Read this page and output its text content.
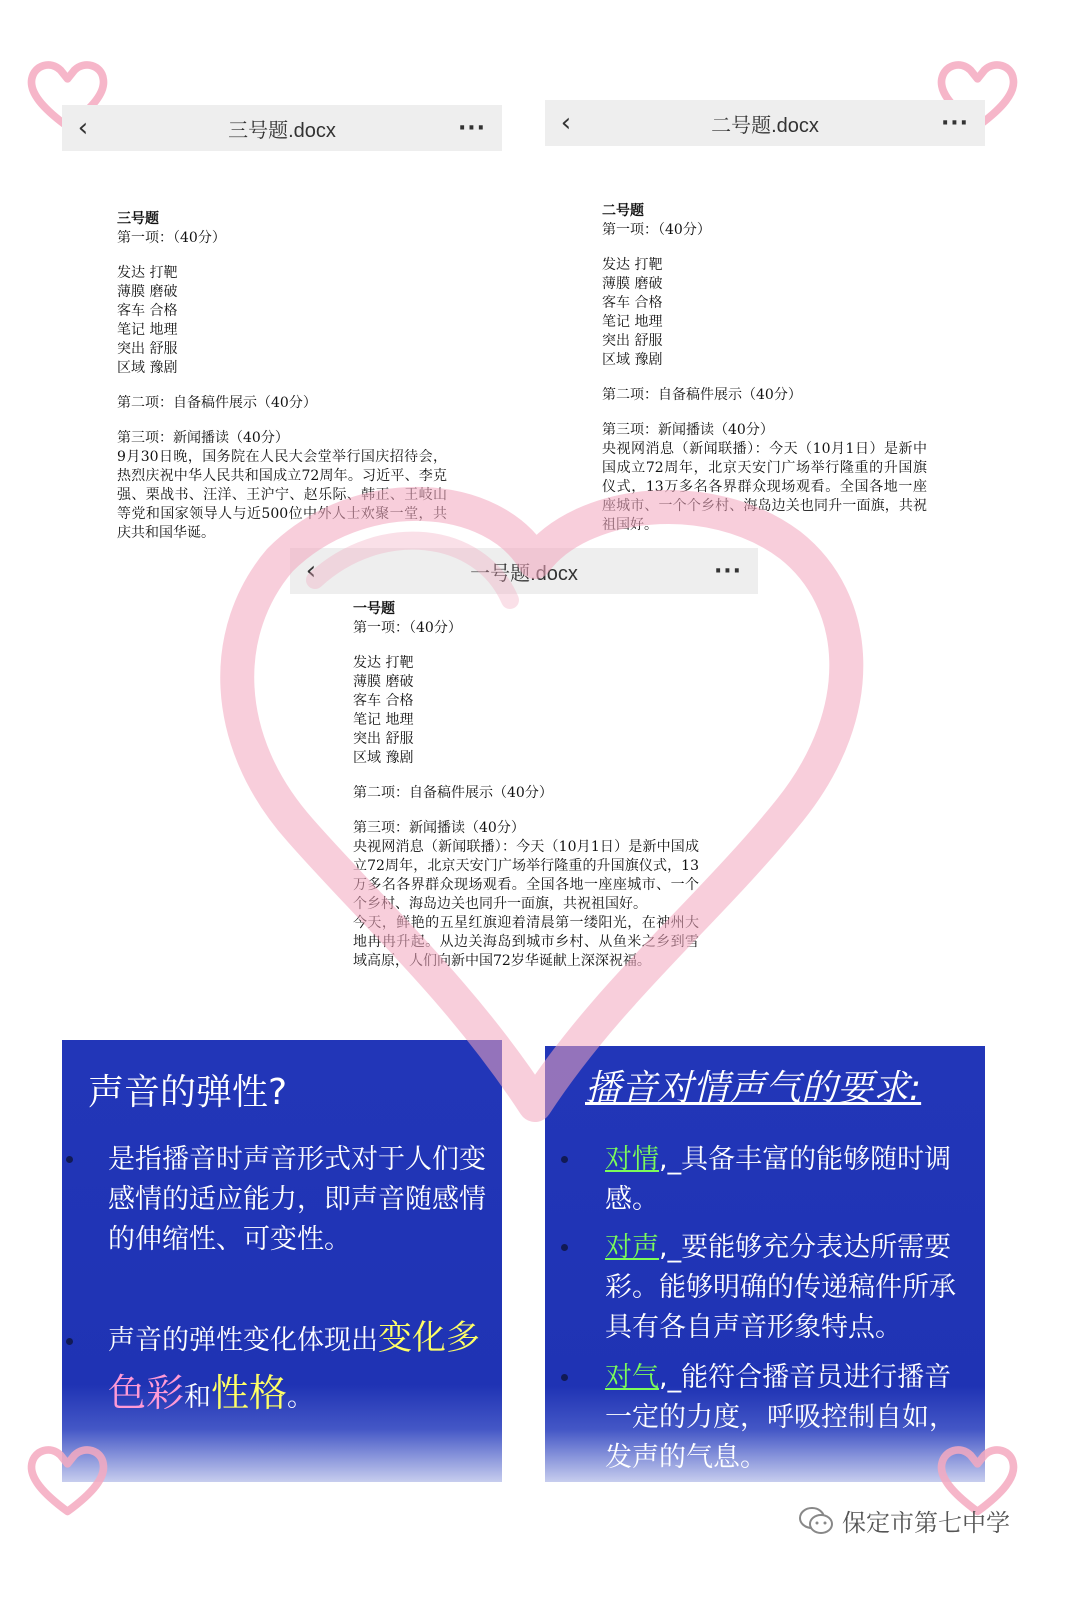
‹	三号题.docx	···

三号题

第一项：（40分）

发达 打靶

薄膜 磨破

客车 合格

笔记 地理

突出 舒服

区域 豫剧

第二项：自备稿件展示（40分）

第三项：新闻播读（40分）

9月30日晚，国务院在人民大会堂举行国庆招待会，热烈庆祝中华人民共和国成立72周年。习近平、李克强、栗战书、汪洋、王沪宁、赵乐际、韩正、王岐山等党和国家领导人与近500位中外人士欢聚一堂，共庆共和国华诞。

‹	二号题.docx	···

二号题

第一项：（40分）

发达 打靶

薄膜 磨破

客车 合格

笔记 地理

突出 舒服

区域 豫剧

第二项：自备稿件展示（40分）

第三项：新闻播读（40分）

央视网消息（新闻联播）：今天（10月1日）是新中国成立72周年，北京天安门广场举行隆重的升国旗仪式，13万多名各界群众现场观看。全国各地一座座城市、一个个乡村、海岛边关也同升一面旗，共祝祖国好。

‹	一号题.docx	···

一号题

第一项：（40分）

发达 打靶

薄膜 磨破

客车 合格

笔记 地理

突出 舒服

区域 豫剧

第二项：自备稿件展示（40分）

第三项：新闻播读（40分）

央视网消息（新闻联播）：今天（10月1日）是新中国成立72周年，北京天安门广场举行隆重的升国旗仪式，13万多名各界群众现场观看。全国各地一座座城市、一个个乡村、海岛边关也同升一面旗，共祝祖国好。

今天，鲜艳的五星红旗迎着清晨第一缕阳光，在神州大地冉冉升起。从边关海岛到城市乡村、从鱼米之乡到雪域高原，人们向新中国72岁华诞献上深深祝福。

声音的弹性?
是指播音时声音形式对于人们变
感情的适应能力，即声音随感情
的伸缩性、可变性。
声音的弹性变化体现出变化多
色彩和性格。
播音对情声气的要求:
对情,_具备丰富的能够随时调
感。
对声,_要能够充分表达所需要
彩。能够明确的传递稿件所承
具有各自声音形象特点。
对气,_能符合播音员进行播音
一定的力度，呼吸控制自如，
发声的气息。
保定市第七中学
